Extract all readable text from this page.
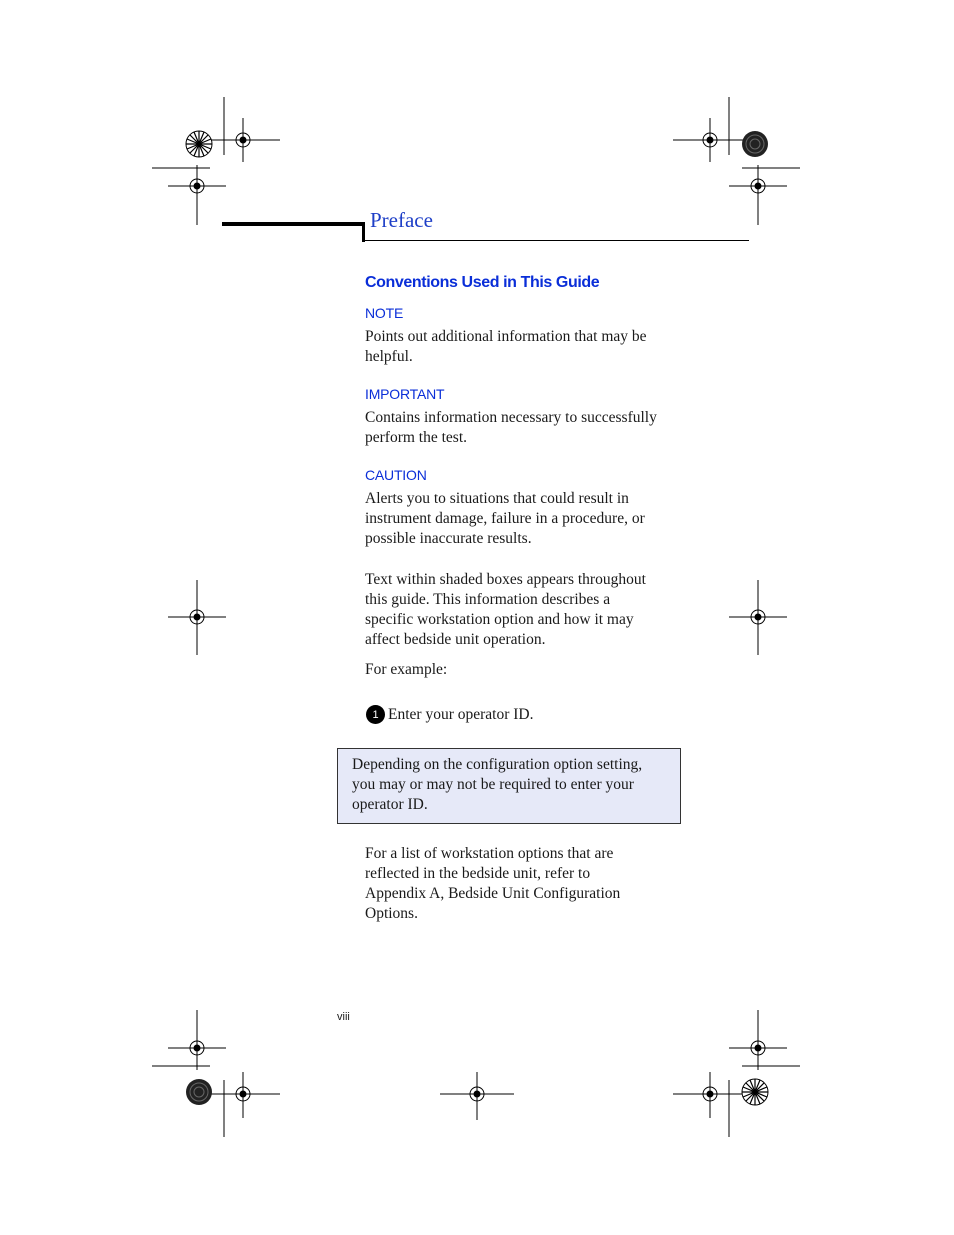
Preface
Conventions Used in This Guide
NOTE
Points out additional information that may be
helpful.
IMPORTANT
Contains information necessary to successfully
perform the test.
CAUTION
Alerts you to situations that could result in
instrument damage, failure in a procedure, or
possible inaccurate results.
Text within shaded boxes appears throughout
this guide. This information describes a
specific workstation option and how it may
affect bedside unit operation.
For example:
1 Enter your operator ID.
Depending on the configuration option setting,
you may or may not be required to enter your
operator ID.
For a list of workstation options that are
reflected in the bedside unit, refer to
Appendix A, Bedside Unit Configuration
Options.
viii
